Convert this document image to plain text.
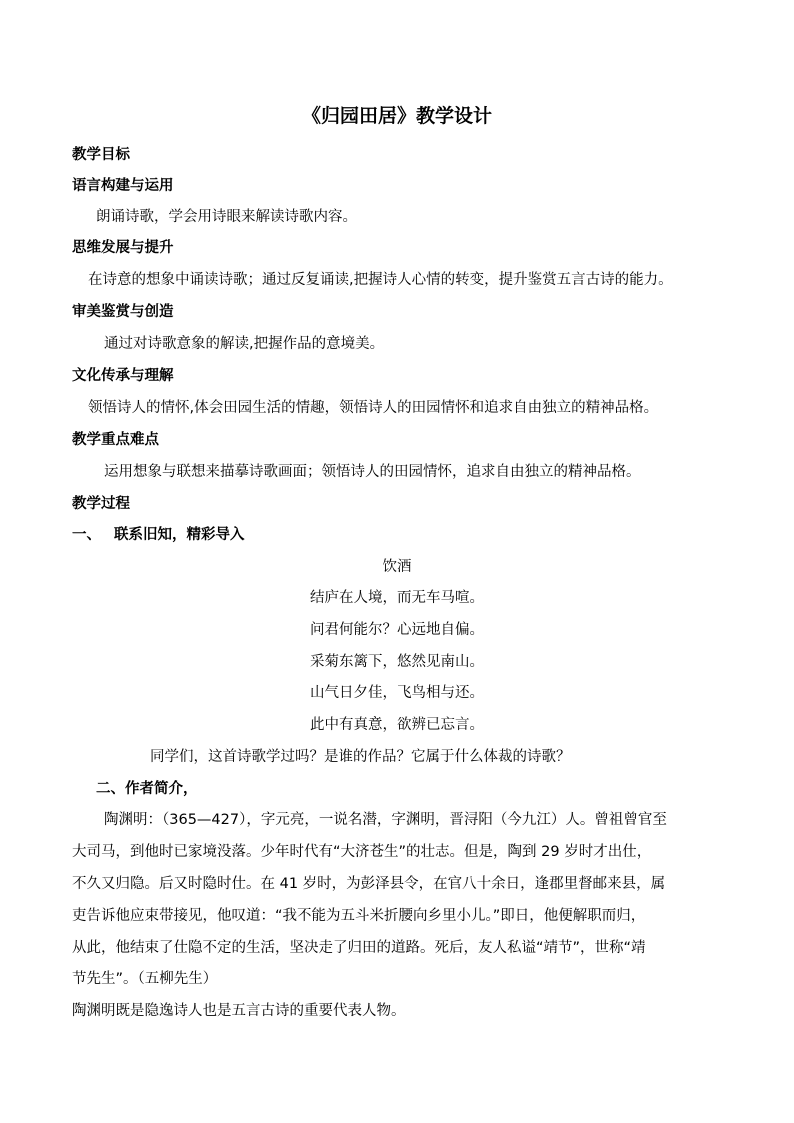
《归园田居》教学设计
教学目标
语言构建与运用
朗诵诗歌，学会用诗眼来解读诗歌内容。
思维发展与提升
在诗意的想象中诵读诗歌；通过反复诵读,把握诗人心情的转变，提升鉴赏五言古诗的能力。
审美鉴赏与创造
通过对诗歌意象的解读,把握作品的意境美。
文化传承与理解
领悟诗人的情怀,体会田园生活的情趣，领悟诗人的田园情怀和追求自由独立的精神品格。
教学重点难点
运用想象与联想来描摹诗歌画面；领悟诗人的田园情怀，追求自由独立的精神品格。
教学过程
一、 联系旧知，精彩导入
饮酒
结庐在人境，而无车马喧。
问君何能尔？心远地自偏。
采菊东篱下，悠然见南山。
山气日夕佳，飞鸟相与还。
此中有真意，欲辨已忘言。
同学们，这首诗歌学过吗？是谁的作品？它属于什么体裁的诗歌？
二、作者简介，
陶渊明：（365—427），字元亮，一说名潜，字渊明，晋浔阳（今九江）人。曾祖曾官至
大司马，到他时已家境没落。少年时代有“大济苍生”的壮志。但是，陶到 29 岁时才出仕，
不久又归隐。后又时隐时仕。在 41 岁时，为彭泽县令，在官八十余日，逢郡里督邮来县，属
吏告诉他应束带接见，他叹道：“我不能为五斗米折腰向乡里小儿。”即日，他便解职而归，
从此，他结束了仕隐不定的生活，坚决走了归田的道路。死后，友人私谥“靖节”，世称“靖
节先生”。（五柳先生）
陶渊明既是隐逸诗人也是五言古诗的重要代表人物。
